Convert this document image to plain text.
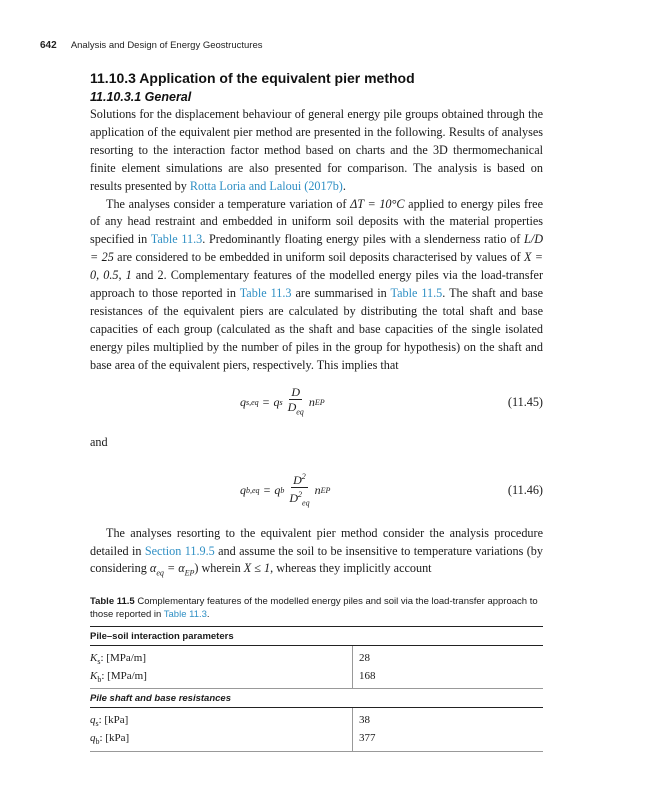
642 Analysis and Design of Energy Geostructures
11.10.3 Application of the equivalent pier method
11.10.3.1 General

Solutions for the displacement behaviour of general energy pile groups obtained through the application of the equivalent pier method are presented in the following. Results of analyses resorting to the interaction factor method based on charts and the 3D thermomechanical finite element simulations are also presented for comparison. The analysis is based on results presented by Rotta Loria and Laloui (2017b).

The analyses consider a temperature variation of ΔT = 10°C applied to energy piles free of any head restraint and embedded in uniform soil deposits with the material properties specified in Table 11.3. Predominantly floating energy piles with a slenderness ratio of L/D = 25 are considered to be embedded in uniform soil deposits characterised by values of X = 0, 0.5, 1 and 2. Complementary features of the modelled energy piles via the load-transfer approach to those reported in Table 11.3 are summarised in Table 11.5. The shaft and base resistances of the equivalent piers are calculated by distributing the total shaft and base capacities of each group (calculated as the shaft and base capacities of the single isolated energy piles multiplied by the number of piles in the group for hypothesis) on the shaft and base area of the equivalent piers, respectively. This implies that

q s,eq = q s $\frac{D}{D_{eq}}$ n EP	(11.45)
and
q b,eq = q b $\frac{D^2}{D^2_{eq}}$ n EP	(11.46)

The analyses resorting to the equivalent pier method consider the analysis procedure detailed in Section 11.9.5 and assume the soil to be insensitive to temperature variations (by considering $\alpha_{eq} = \alpha_{EP}$) wherein X ≤ 1, whereas they implicitly account

Table 11.5 Complementary features of the modelled energy piles and soil via the load-transfer approach to those reported in Table 11.3.

Pile–soil interaction parameters	
$K_s$: [MPa/m]	28
$K_b$: [MPa/m]	168
Pile shaft and base resistances	
$q_s$: [kPa]	38
$q_b$: [kPa]	377
